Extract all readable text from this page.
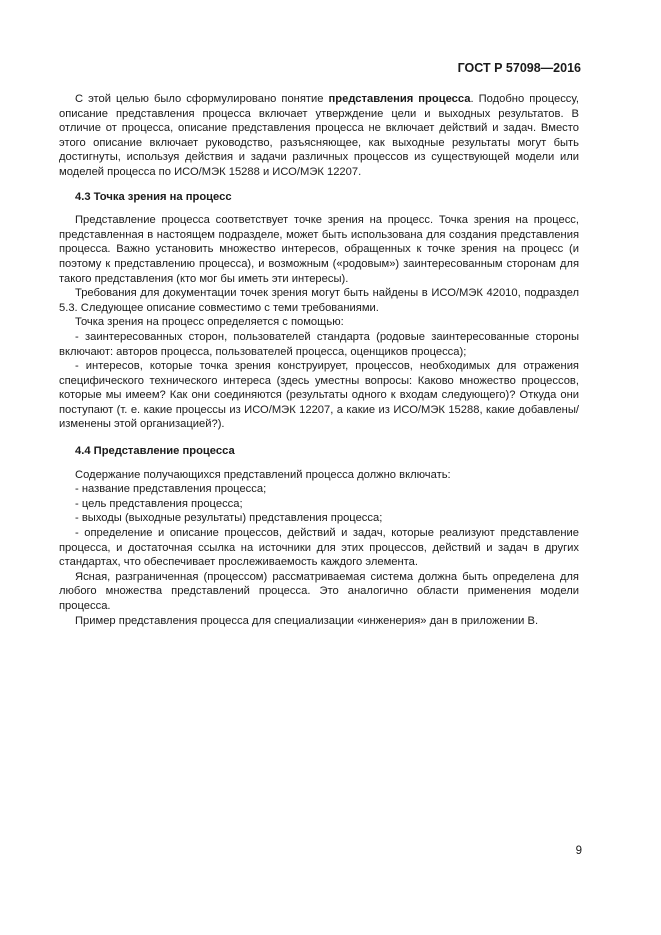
ГОСТ Р 57098—2016

С этой целью было сформулировано понятие представления процесса. Подобно процессу, описание представления процесса включает утверждение цели и выходных результатов. В отличие от процесса, описание представления процесса не включает действий и задач. Вместо этого описание включает руководство, разъясняющее, как выходные результаты могут быть достигнуты, используя действия и задачи различных процессов из существующей модели или моделей процесса по ИСО/МЭК 15288 и ИСО/МЭК 12207.

4.3 Точка зрения на процесс

Представление процесса соответствует точке зрения на процесс. Точка зрения на процесс, представленная в настоящем подразделе, может быть использована для создания представления процесса. Важно установить множество интересов, обращенных к точке зрения на процесс (и поэтому к представлению процесса), и возможным («родовым») заинтересованным сторонам для такого представления (кто мог бы иметь эти интересы).

Требования для документации точек зрения могут быть найдены в ИСО/МЭК 42010, подраздел 5.3. Следующее описание совместимо с теми требованиями.

Точка зрения на процесс определяется с помощью:

- заинтересованных сторон, пользователей стандарта (родовые заинтересованные стороны включают: авторов процесса, пользователей процесса, оценщиков процесса);

- интересов, которые точка зрения конструирует, процессов, необходимых для отражения специфического технического интереса (здесь уместны вопросы: Каково множество процессов, которые мы имеем? Как они соединяются (результаты одного к входам следующего)? Откуда они поступают (т. е. какие процессы из ИСО/МЭК 12207, а какие из ИСО/МЭК 15288, какие добавлены/изменены этой организацией?).

4.4 Представление процесса

Содержание получающихся представлений процесса должно включать:

- название представления процесса;

- цель представления процесса;

- выходы (выходные результаты) представления процесса;

- определение и описание процессов, действий и задач, которые реализуют представление процесса, и достаточная ссылка на источники для этих процессов, действий и задач в других стандартах, что обеспечивает прослеживаемость каждого элемента.

Ясная, разграниченная (процессом) рассматриваемая система должна быть определена для любого множества представлений процесса. Это аналогично области применения модели процесса.

Пример представления процесса для специализации «инженерия» дан в приложении В.

9
